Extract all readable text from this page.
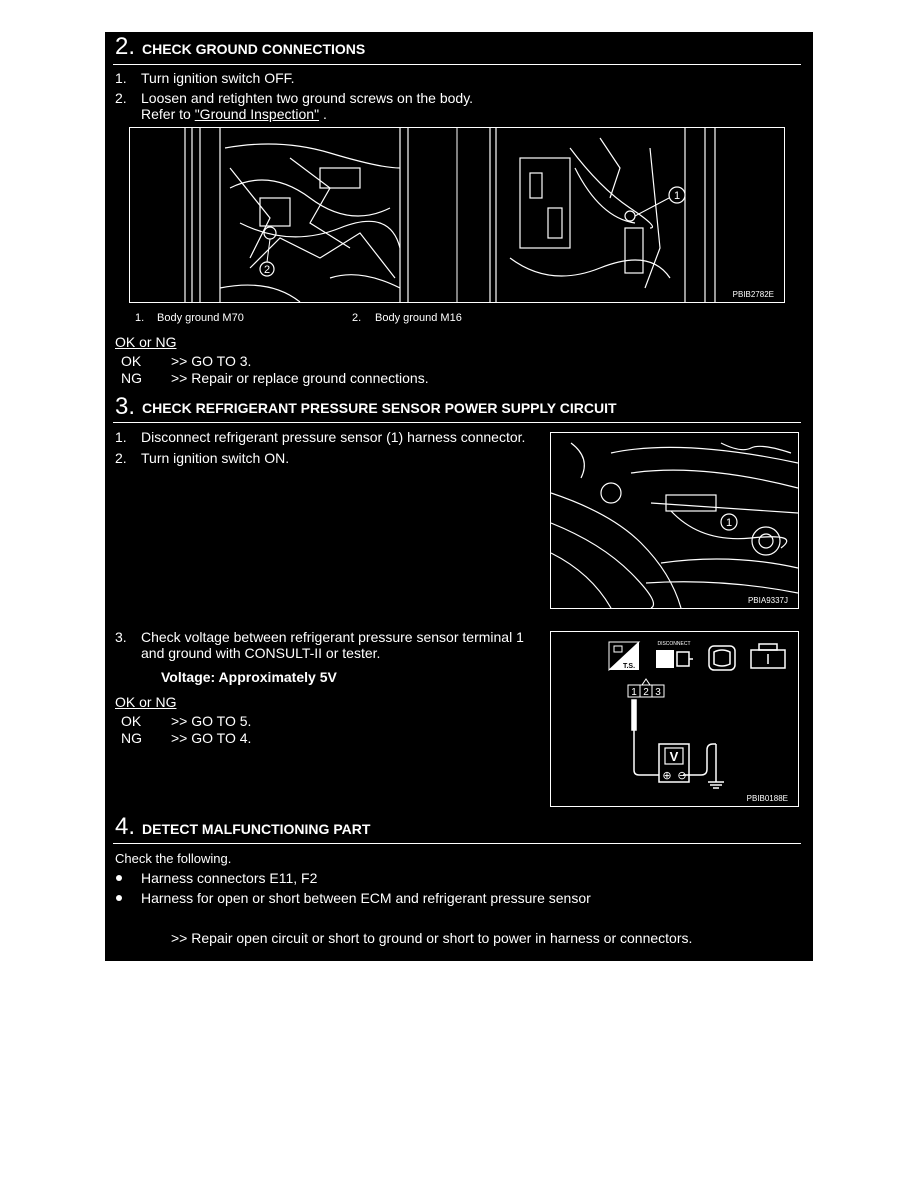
2. CHECK GROUND CONNECTIONS
1. Turn ignition switch OFF.
2. Loosen and retighten two ground screws on the body.
Refer to "Ground Inspection" .
2
1
PBIB2782E
1. Body ground M70	2. Body ground M16
OK or NG
OK >> GO TO 3.
NG >> Repair or replace ground connections.
3. CHECK REFRIGERANT PRESSURE SENSOR POWER SUPPLY CIRCUIT
1. Disconnect refrigerant pressure sensor (1) harness connector.
2. Turn ignition switch ON.
1
PBIA9337J
3. Check voltage between refrigerant pressure sensor terminal 1
and ground with CONSULT-II or tester.
Voltage: Approximately 5V
OK or NG
OK >> GO TO 5.
NG >> GO TO 4.
T.S.
DISCONNECT
1 2 3
V
⊕ ⊖
PBIB0188E
4. DETECT MALFUNCTIONING PART
Check the following.
Harness connectors E11, F2
Harness for open or short between ECM and refrigerant pressure sensor
>> Repair open circuit or short to ground or short to power in harness or connectors.
